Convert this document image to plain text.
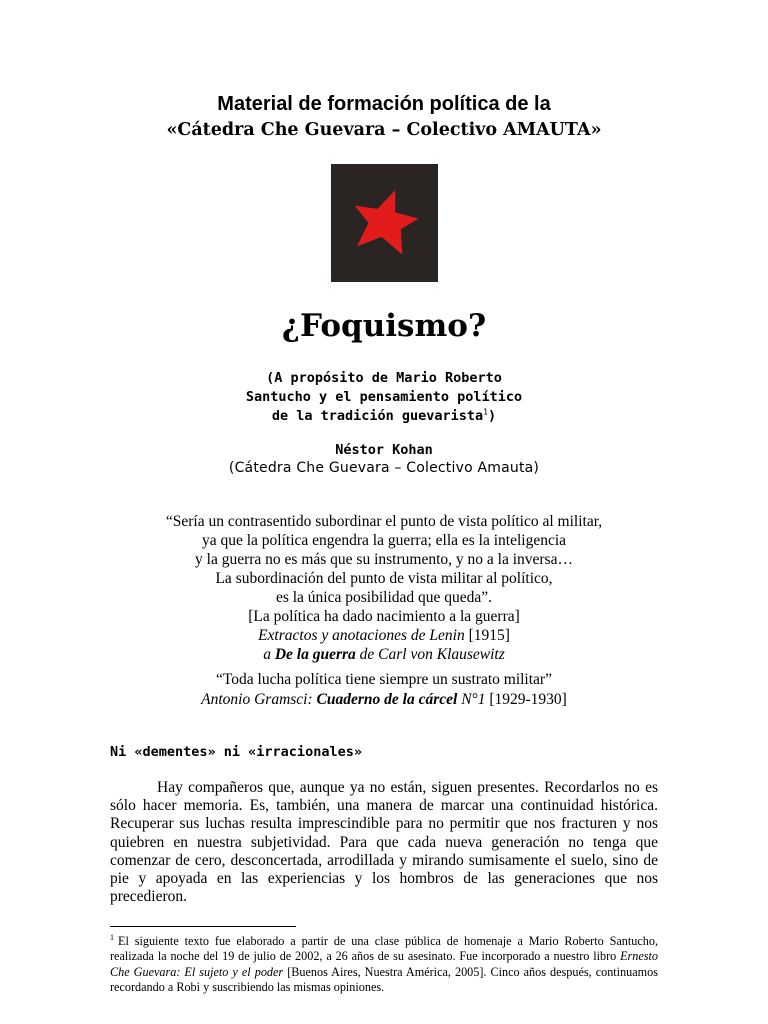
Material de formación política de la
«Cátedra Che Guevara – Colectivo AMAUTA»
¿Foquismo?
(A propósito de Mario Roberto
Santucho y el pensamiento político
de la tradición guevarista$^1$)
Néstor Kohan
(Cátedra Che Guevara – Colectivo Amauta)
“Sería un contrasentido subordinar el punto de vista político al militar,
ya que la política engendra la guerra; ella es la inteligencia
y la guerra no es más que su instrumento, y no a la inversa…
La subordinación del punto de vista militar al político,
es la única posibilidad que queda”.
[La política ha dado nacimiento a la guerra]
Extractos y anotaciones de Lenin [1915]
a De la guerra de Carl von Klausewitz
“Toda lucha política tiene siempre un sustrato militar”
Antonio Gramsci: Cuaderno de la cárcel N°1 [1929-1930]
Ni «dementes» ni «irracionales»
Hay compañeros que, aunque ya no están, siguen presentes. Recordarlos no es sólo hacer memoria. Es, también, una manera de marcar una continuidad histórica. Recuperar sus luchas resulta imprescindible para no permitir que nos fracturen y nos quiebren en nuestra subjetividad. Para que cada nueva generación no tenga que comenzar de cero, desconcertada, arrodillada y mirando sumisamente el suelo, sino de pie y apoyada en las experiencias y los hombros de las generaciones que nos precedieron.
$^1$ El siguiente texto fue elaborado a partir de una clase pública de homenaje a Mario Roberto Santucho, realizada la noche del 19 de julio de 2002, a 26 años de su asesinato. Fue incorporado a nuestro libro Ernesto Che Guevara: El sujeto y el poder [Buenos Aires, Nuestra América, 2005]. Cinco años después, continuamos recordando a Robi y suscribiendo las mismas opiniones.
